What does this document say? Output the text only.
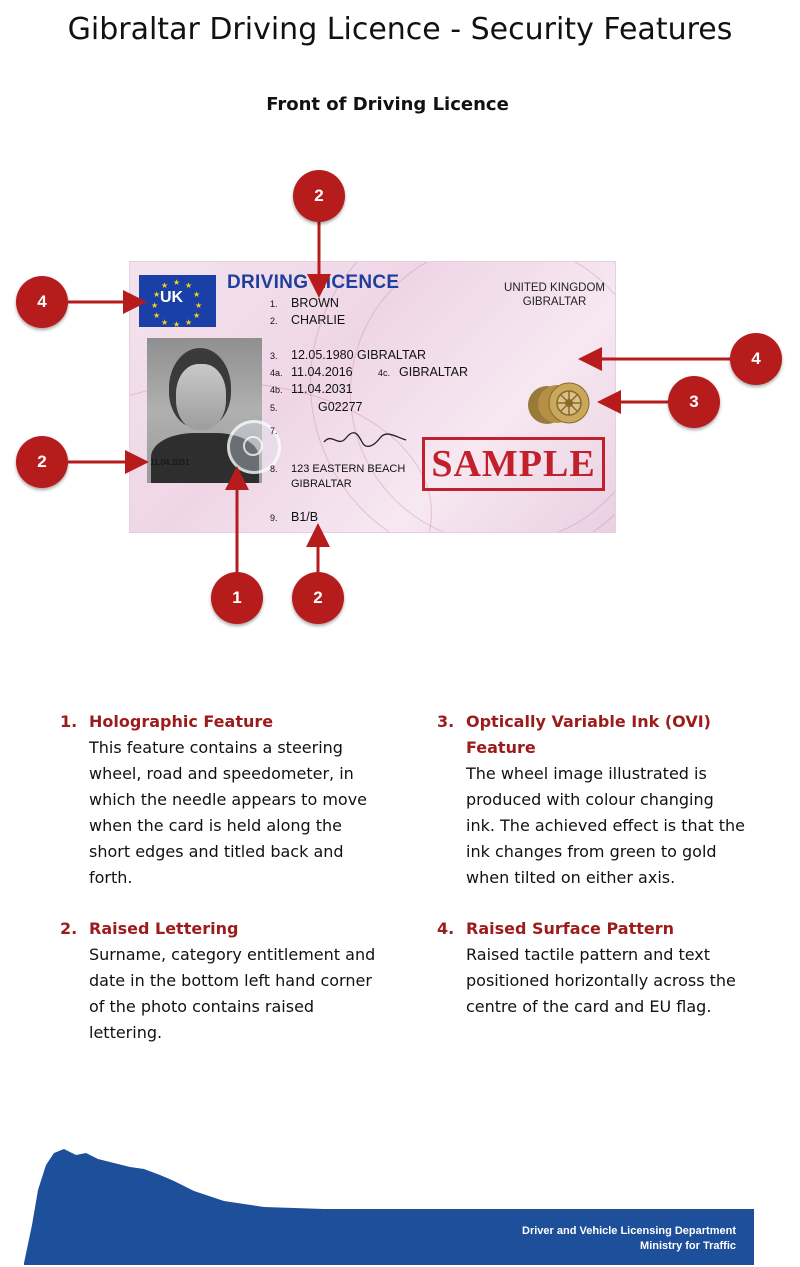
Gibraltar Driving Licence - Security Features
Front of Driving Licence
★ ★
★
★
★
★
★
★
★
★
★
★
UK
DRIVING LICENCE	UNITED KINGDOM
GIBRALTAR
11.04.2031
1. BROWN
2. CHARLIE
3. 12.05.1980 GIBRALTAR
4a. 11.04.2016	4c. GIBRALTAR
4b. 11.04.2031
5.	G02277
7.
8. 123 EASTERN BEACH
GIBRALTAR
9. B1/B
SAMPLE
2
4
4
3
2
1	2
1. Holographic Feature
This feature contains a steering wheel, road and speedometer, in which the needle appears to move when the card is held along the short edges and titled back and forth.
2. Raised Lettering
Surname, category entitlement and date in the bottom left hand corner of the photo contains raised lettering.
3. Optically Variable Ink (OVI)
Feature
The wheel image illustrated is produced with colour changing ink. The achieved effect is that the ink changes from green to gold when tilted on either axis.
4. Raised Surface Pattern
Raised tactile pattern and text positioned horizontally across the centre of the card and EU flag.
Driver and Vehicle Licensing Department
Ministry for Traffic
